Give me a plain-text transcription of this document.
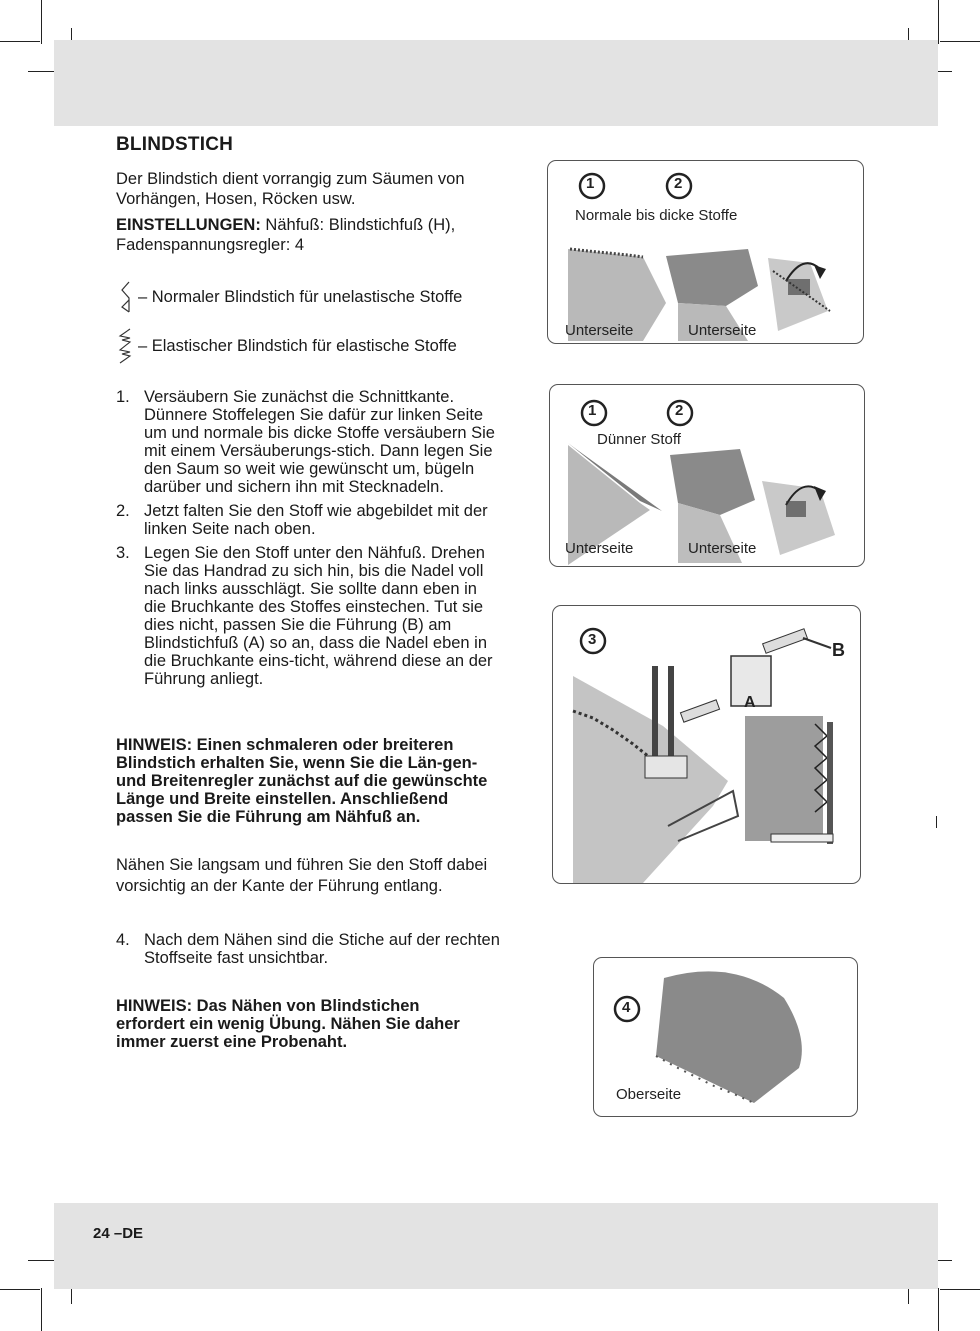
BLINDSTICH

Der Blindstich dient vorrangig zum Säumen von Vorhängen, Hosen, Röcken usw.

EINSTELLUNGEN: Nähfuß: Blindstichfuß (H), Fadenspannungsregler: 4

– Normaler Blindstich für unelastische Stoffe
– Elastischer Blindstich für elastische Stoffe
1. Versäubern Sie zunächst die Schnittkante. Dünnere Stoffelegen Sie dafür zur linken Seite um und normale bis dicke Stoffe versäubern Sie mit einem Versäuberungs-stich. Dann legen Sie den Saum so weit wie gewünscht um, bügeln darüber und sichern ihn mit Stecknadeln.
2. Jetzt falten Sie den Stoff wie abgebildet mit der linken Seite nach oben.
3. Legen Sie den Stoff unter den Nähfuß. Drehen Sie das Handrad zu sich hin, bis die Nadel voll nach links ausschlägt. Sie sollte dann eben in die Bruchkante des Stoffes einstechen. Tut sie dies nicht, passen Sie die Führung (B) am Blindstichfuß (A) so an, dass die Nadel eben in die Bruchkante eins-ticht, während diese an der Führung anliegt.

HINWEIS: Einen schmaleren oder breiteren Blindstich erhalten Sie, wenn Sie die Län-gen- und Breitenregler zunächst auf die gewünschte Länge und Breite einstellen. Anschließend passen Sie die Führung am Nähfuß an.

Nähen Sie langsam und führen Sie den Stoff dabei vorsichtig an der Kante der Führung entlang.

4. Nach dem Nähen sind die Stiche auf der rechten Stoffseite fast unsichtbar.

HINWEIS: Das Nähen von Blindstichen erfordert ein wenig Übung. Nähen Sie daher immer zuerst eine Probenaht.

1	2
Normale bis dicke Stoffe
Unterseite	Unterseite
1	2
Dünner Stoff
Unterseite	Unterseite
3
A
B
4
Oberseite
24 –DE
